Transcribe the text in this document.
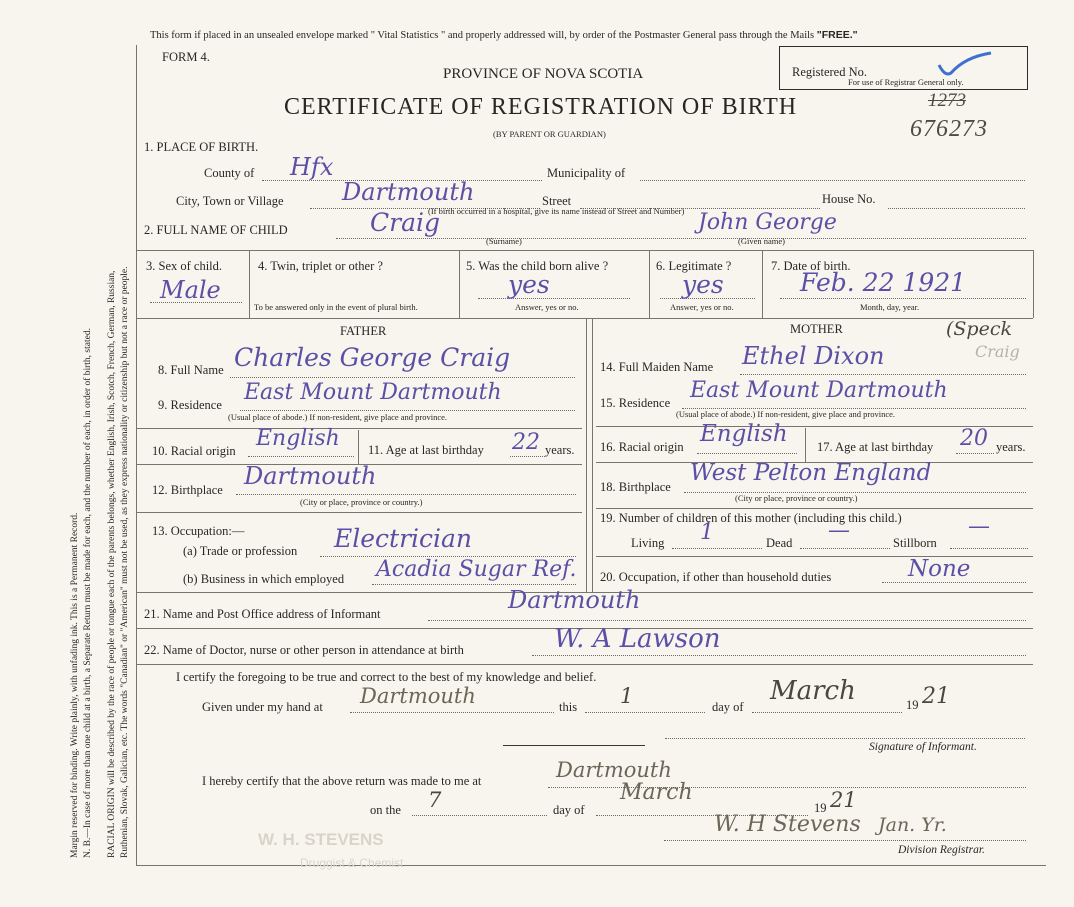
Margin reserved for binding. Write plainly, with unfading ink. This is a Permanent Record. N. B.—In case of more than one child at a birth, a Separate Return must be made for each, and the number of each, in order of birth, stated. RACIAL ORIGIN will be described by the race of people or tongue each of the parents belongs, whether English, Irish, Scotch, French, German, Russian, Ruthenian, Slovak, Galician, etc. The words "Canadian" or "American" must not be used, as they express nationality or citizenship but not a race or people.
This form if placed in an unsealed envelope marked " Vital Statistics " and properly addressed will, by order of the Postmaster General pass through the Mails "FREE."
FORM 4.
PROVINCE OF NOVA SCOTIA
CERTIFICATE OF REGISTRATION OF BIRTH
(BY PARENT OR GUARDIAN)
Registered No.
For use of Registrar General only.
1273
676273
1. PLACE OF BIRTH.
County of Hfx	Municipality of
City, Town or Village Dartmouth	Street	House No.
(If birth occurred in a hospital, give its name instead of Street and Number)
2. FULL NAME OF CHILD	Craig
(Surname)
John George
(Given name)
3. Sex of child.
Male
4. Twin, triplet or other ?
To be answered only in the event of plural birth.
5. Was the child born alive ?
yes
Answer, yes or no.
6. Legitimate ?
yes
Answer, yes or no.
7. Date of birth.
Feb. 22 1921
Month, day, year.
FATHER	MOTHER	(Speck
Craig
8. Full Name Charles George Craig
9. Residence East Mount Dartmouth
(Usual place of abode.) If non-resident, give place and province.
10. Racial origin English 11. Age at last birthday 22 years.
12. Birthplace Dartmouth
(City or place, province or country.)
13. Occupation:—
(a) Trade or profession Electrician
(b) Business in which employed Acadia Sugar Ref.
14. Full Maiden Name Ethel Dixon
15. Residence East Mount Dartmouth
(Usual place of abode.) If non-resident, give place and province.
16. Racial origin English 17. Age at last birthday 20 years.
18. Birthplace
West Pelton England
(City or place, province or country.)
19. Number of children of this mother (including this child.)
Living 1	Dead —	Stillborn
—
20. Occupation, if other than household duties	None
21. Name and Post Office address of Informant	Dartmouth
22. Name of Doctor, nurse or other person in attendance at birth	W. A Lawson
I certify the foregoing to be true and correct to the best of my knowledge and belief.
Given under my hand at Dartmouth	this 1	day of
March	19 21
Signature of Informant.
I hereby certify that the above return was made to me at	Dartmouth
on the 7	day of
March
19 21
W. H Stevens Jan. Yr.
Division Registrar.
W. H. STEVENS
Druggist & Chemist
